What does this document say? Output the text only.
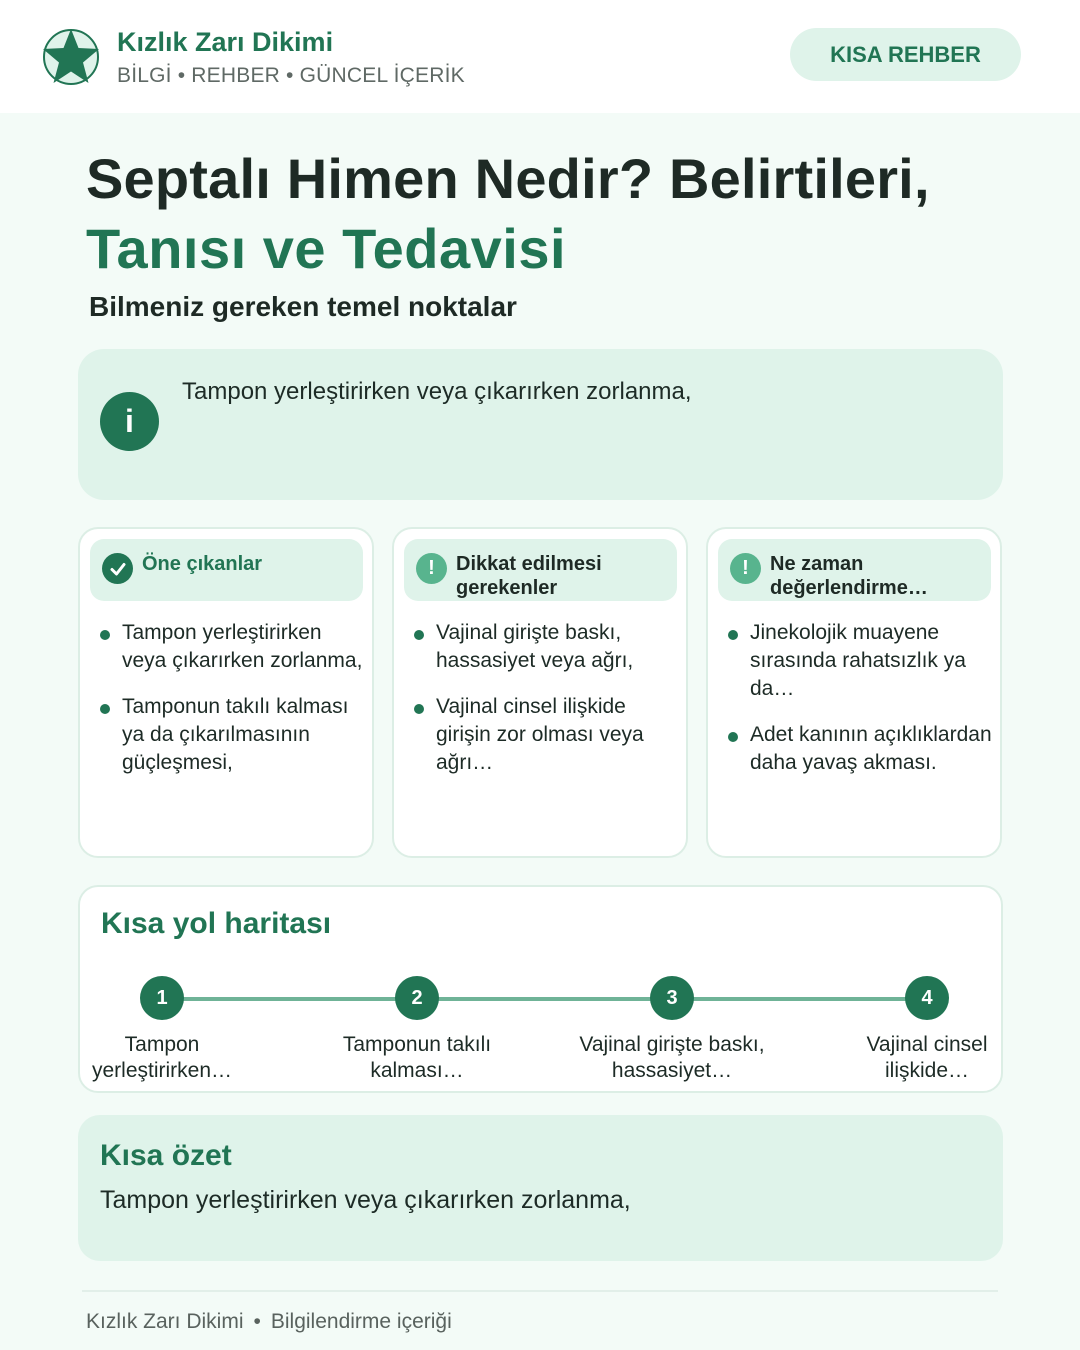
Kızlık Zarı Dikimi
BİLGİ • REHBER • GÜNCEL İÇERİK
KISA REHBER
Septalı Himen Nedir? Belirtileri,
Tanısı ve Tedavisi
Bilmeniz gereken temel noktalar
i
Tampon yerleştirirken veya çıkarırken zorlanma,
Öne çıkanlar
Tampon yerleştirirken veya çıkarırken zorlanma,
Tamponun takılı kalması ya da çıkarılmasının güçleşmesi,
!	Dikkat edilmesi gerekenler
Vajinal girişte baskı, hassasiyet veya ağrı,
Vajinal cinsel ilişkide girişin zor olması veya ağrı…
!	Ne zaman değerlendirme…
Jinekolojik muayene sırasında rahatsızlık ya da…
Adet kanının açıklıklardan daha yavaş akması.
Kısa yol haritası
1	2	3	4
Tampon yerleştirirken…
Tamponun takılı kalması…
Vajinal girişte baskı, hassasiyet…
Vajinal cinsel ilişkide…
Kısa özet
Tampon yerleştirirken veya çıkarırken zorlanma,
Kızlık Zarı Dikimi • Bilgilendirme içeriği
